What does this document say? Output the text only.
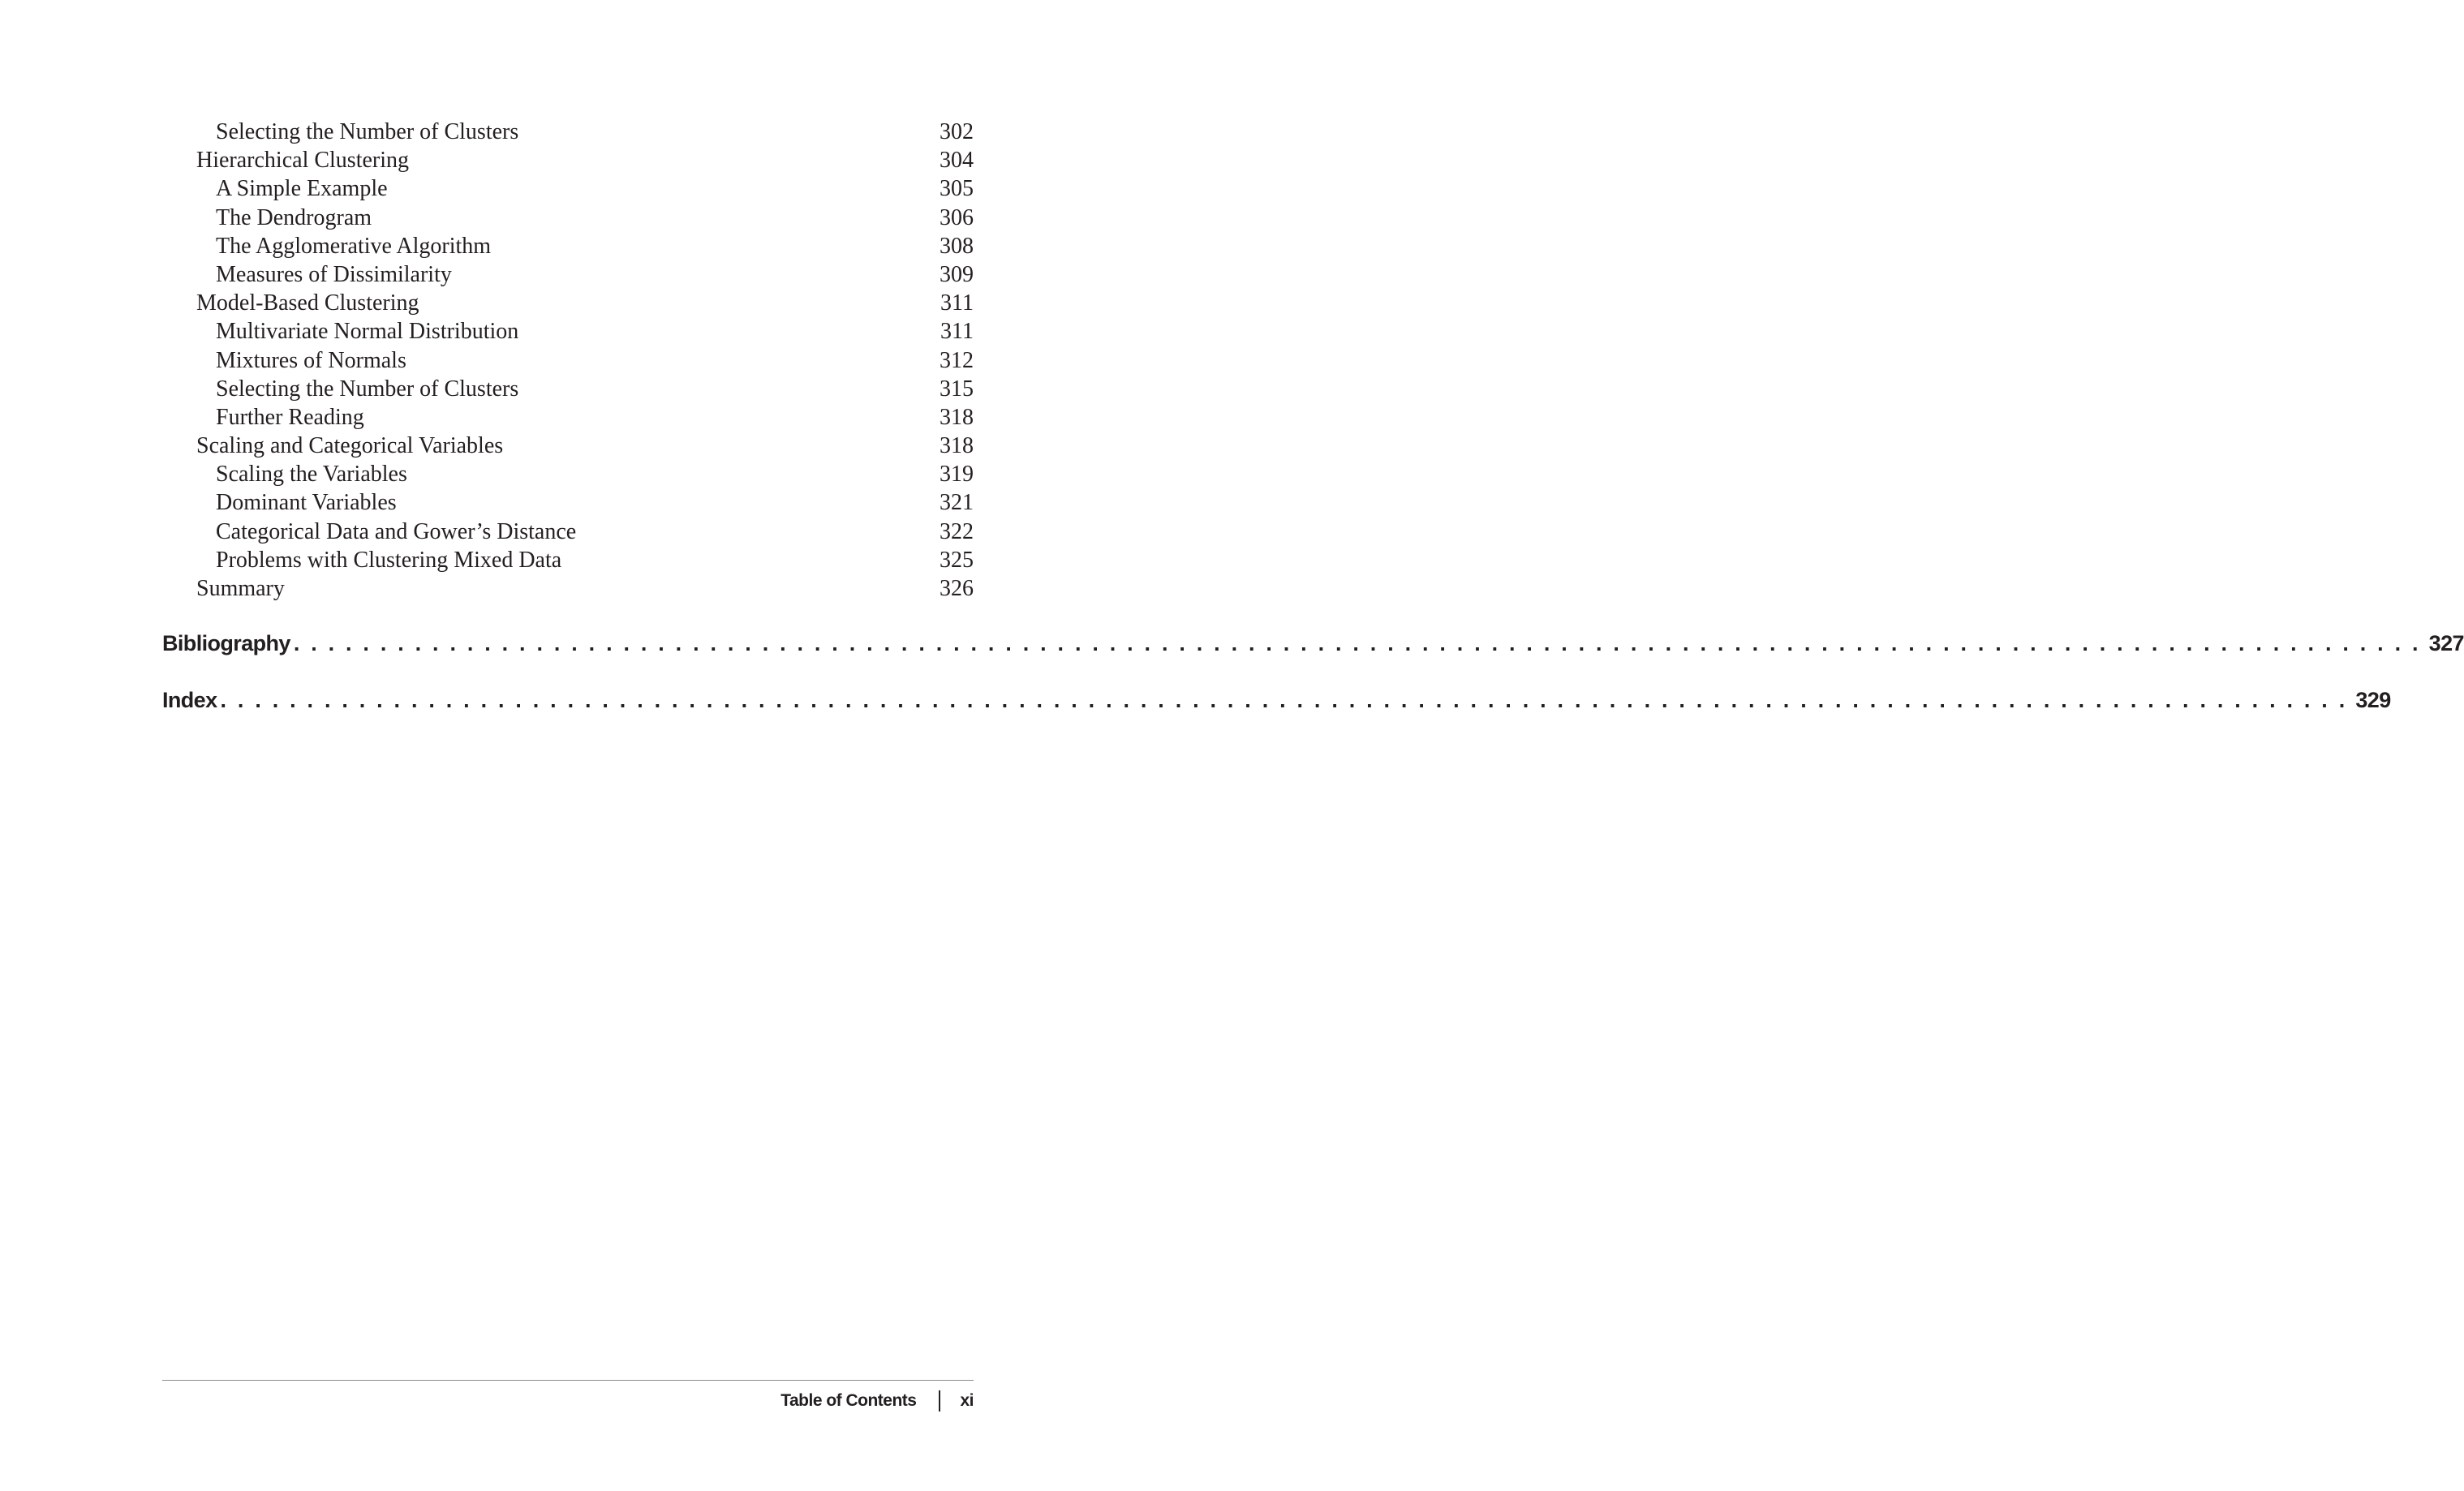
Selecting the Number of Clusters	302
Hierarchical Clustering	304
A Simple Example	305
The Dendrogram	306
The Agglomerative Algorithm	308
Measures of Dissimilarity	309
Model-Based Clustering	311
Multivariate Normal Distribution	311
Mixtures of Normals	312
Selecting the Number of Clusters	315
Further Reading	318
Scaling and Categorical Variables	318
Scaling the Variables	319
Dominant Variables	321
Categorical Data and Gower’s Distance	322
Problems with Clustering Mixed Data	325
Summary	326
Bibliography . . . . . . . . . . . . . . . . . . . . . . . . . . . . . . . . . . . . . . . . . . . . . . . . . . . . . . . . . . . . . . . . . . . . . . . . . . . . . . . . . . . . . . . . . . . . . . . . . . . . . . . . . . . . . . . . . . . . . . . . . . . 327
Index . . . . . . . . . . . . . . . . . . . . . . . . . . . . . . . . . . . . . . . . . . . . . . . . . . . . . . . . . . . . . . . . . . . . . . . . . . . . . . . . . . . . . . . . . . . . . . . . . . . . . . . . . . . . . . . . . . . . . . . . . . . 329
Table of Contents	xi
